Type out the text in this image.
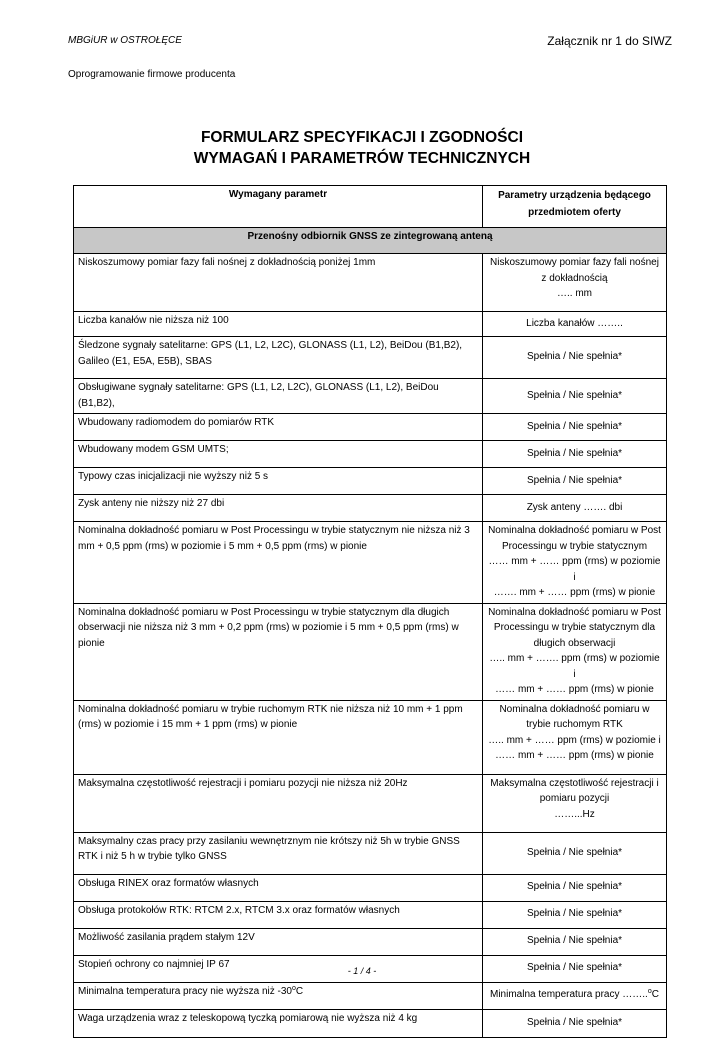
MBGiUR w OSTROŁĘCE	Załącznik nr 1 do SIWZ
Oprogramowanie firmowe producenta
FORMULARZ SPECYFIKACJI I ZGODNOŚCI
WYMAGAŃ I PARAMETRÓW TECHNICZNYCH
Wymagany parametr	Parametry urządzenia będącego przedmiotem oferty
Przenośny odbiornik GNSS ze zintegrowaną anteną	
Niskoszumowy pomiar fazy fali nośnej z dokładnością poniżej 1mm	Niskoszumowy pomiar fazy fali nośnej z dokładnością
….. mm

Liczba kanałów nie niższa niż 100	Liczba kanałów ……..

Śledzone sygnały satelitarne: GPS (L1, L2, L2C), GLONASS (L1, L2), BeiDou (B1,B2), Galileo (E1, E5A, E5B), SBAS	Spełnia / Nie spełnia*

Obsługiwane sygnały satelitarne: GPS (L1, L2, L2C), GLONASS (L1, L2), BeiDou (B1,B2),	Spełnia / Nie spełnia*

Wbudowany radiomodem do pomiarów RTK	Spełnia / Nie spełnia*

Wbudowany modem GSM UMTS;	Spełnia / Nie spełnia*

Typowy czas inicjalizacji nie wyższy niż 5 s	Spełnia / Nie spełnia*

Zysk anteny nie niższy niż 27 dbi	Zysk anteny ……. dbi

Nominalna dokładność pomiaru w Post Processingu w trybie statycznym nie niższa niż 3 mm + 0,5 ppm (rms) w poziomie i 5 mm + 0,5 ppm (rms) w pionie	Nominalna dokładność pomiaru w Post Processingu w trybie statycznym
…… mm + …… ppm (rms) w poziomie i
……. mm + …… ppm (rms) w pionie

Nominalna dokładność pomiaru w Post Processingu w trybie statycznym dla długich obserwacji nie niższa niż 3 mm + 0,2 ppm (rms) w poziomie i 5 mm + 0,5 ppm (rms) w pionie	Nominalna dokładność pomiaru w Post Processingu w trybie statycznym dla długich obserwacji
….. mm + ……. ppm (rms) w poziomie i
…… mm + …… ppm (rms) w pionie

Nominalna dokładność pomiaru w trybie ruchomym RTK nie niższa niż 10 mm + 1 ppm (rms) w poziomie i 15 mm + 1 ppm (rms) w pionie	Nominalna dokładność pomiaru w trybie ruchomym RTK
….. mm + …… ppm (rms) w poziomie i
…… mm + …… ppm (rms) w pionie

Maksymalna częstotliwość rejestracji i pomiaru pozycji nie niższa niż 20Hz	Maksymalna częstotliwość rejestracji i pomiaru pozycji
……...Hz

Maksymalny czas pracy przy zasilaniu wewnętrznym nie krótszy niż 5h w trybie GNSS RTK i niż 5 h w trybie tylko GNSS	Spełnia / Nie spełnia*

Obsługa RINEX oraz formatów własnych	Spełnia / Nie spełnia*

Obsługa protokołów RTK: RTCM 2.x, RTCM 3.x oraz formatów własnych	Spełnia / Nie spełnia*

Możliwość zasilania prądem stałym 12V	Spełnia / Nie spełnia*

Stopień ochrony co najmniej IP 67	Spełnia / Nie spełnia*

Minimalna temperatura pracy nie wyższa niż -30$^o$C	Minimalna temperatura pracy ……..$^o$C

Waga urządzenia wraz z teleskopową tyczką pomiarową nie wyższa niż 4 kg	Spełnia / Nie spełnia*
- 1 / 4 -
